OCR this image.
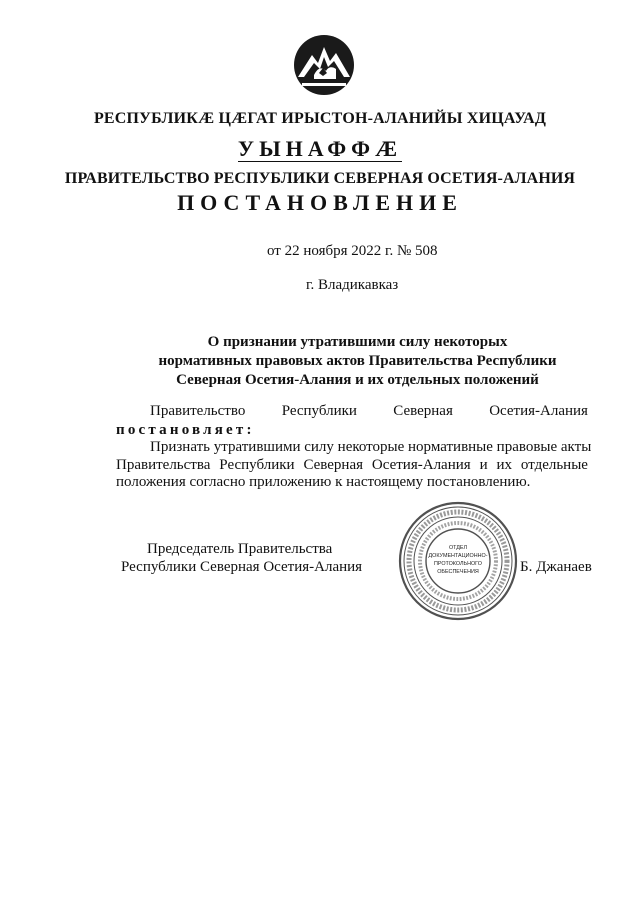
РЕСПУБЛИКӔ ЦӔГАТ ИРЫСТОН-АЛАНИЙЫ ХИЦАУАД
УЫНАФФӔ
ПРАВИТЕЛЬСТВО РЕСПУБЛИКИ СЕВЕРНАЯ ОСЕТИЯ-АЛАНИЯ
ПОСТАНОВЛЕНИЕ
от 22 ноября 2022 г. № 508
г. Владикавказ
О признании утратившими силу некоторых
нормативных правовых актов Правительства Республики
Северная Осетия-Алания и их отдельных положений
Правительство Республики Северная Осетия-Алания
постановляет:
Признать утратившими силу некоторые нормативные правовые акты
Правительства Республики Северная Осетия-Алания и их отдельные
положения согласно приложению к настоящему постановлению.
Председатель Правительства
Республики Северная Осетия-Алания
ОТДЕЛ
ДОКУМЕНТАЦИОННО-
ПРОТОКОЛЬНОГО
ОБЕСПЕЧЕНИЯ	Б. Джанаев
